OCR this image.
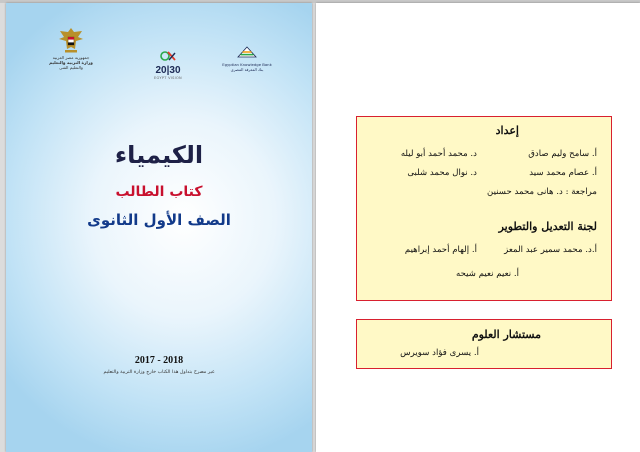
جمهورية مصر العربية
وزارة التربية والتعليم
والتعليم الفنى	20|30
EGYPT VISION
Egyptian Knowledge Bank
بنك المعرفة المصرى
الكيمياء
كتاب الطالب
الصف الأول الثانوى
2017 - 2018
غير مصرح بتداول هذا الكتاب خارج وزارة التربية والتعليم
إعداد
أ. سامح وليم صادق
د. محمد أحمد أبو ليله
أ. عصام محمد سيد
د. نوال محمد شلبى
مراجعة : د. هانى محمد حسنين
لجنة التعديل والتطوير
أ.د. محمد سمير عبد المعز
أ. إلهام أحمد إبراهيم
أ. نعيم نعيم شيحه
مستشار العلوم
أ. يسرى فؤاد سويرس
